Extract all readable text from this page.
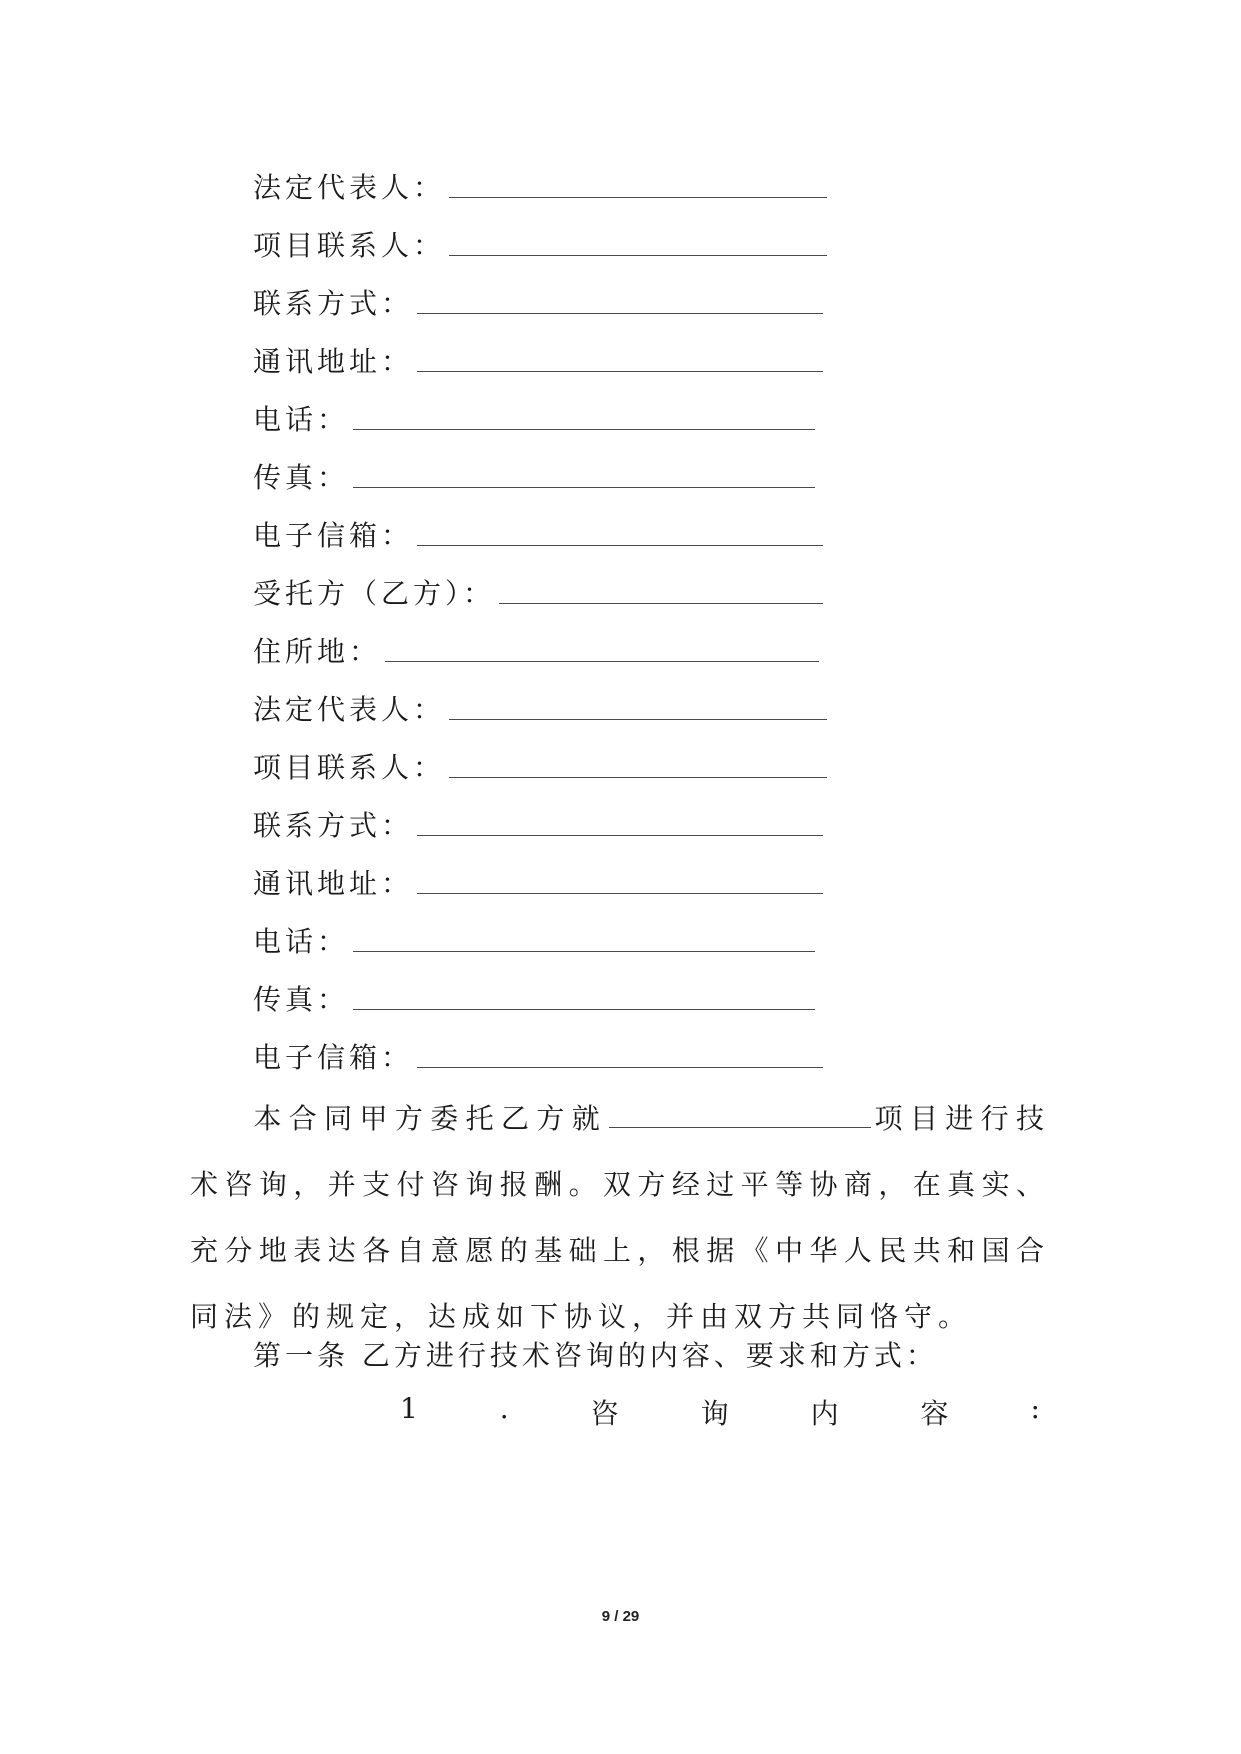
法定代表人：
项目联系人：
联系方式：
通讯地址：
电话：
传真：
电子信箱：
受托方（乙方）：
住所地：
法定代表人：
项目联系人：
联系方式：
通讯地址：
电话：
传真：
电子信箱：
本合同甲方委托乙方就	项目进行技术咨询，并支付咨询报酬。双方经过平等协商，在真实、充分地表达各自意愿的基础上，根据《中华人民共和国合同法》的规定，达成如下协议，并由双方共同恪守。
第一条 乙方进行技术咨询的内容、要求和方式：
1	.	咨	询	内	容	:
9 / 29
